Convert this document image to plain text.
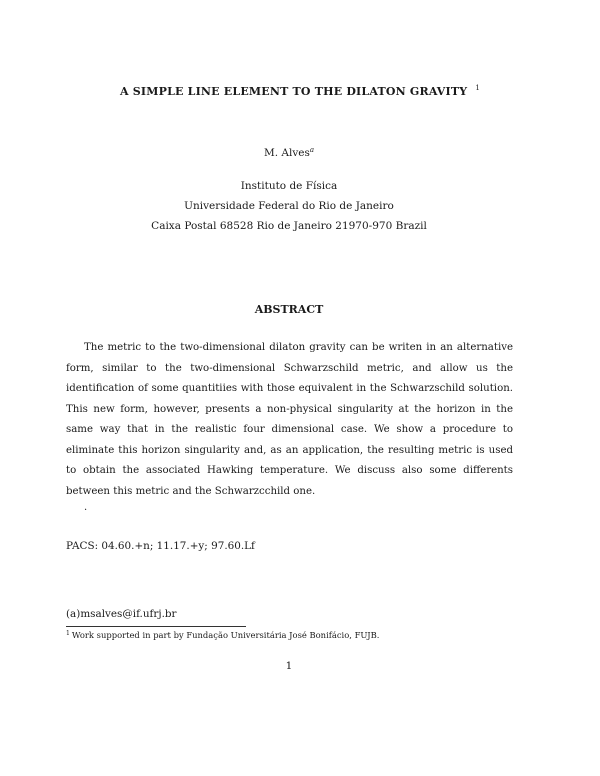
A SIMPLE LINE ELEMENT TO THE DILATON GRAVITY $^1$
M. Alves$^a$
Instituto de Física
Universidade Federal do Rio de Janeiro
Caixa Postal 68528 Rio de Janeiro 21970-970 Brazil
ABSTRACT
The metric to the two-dimensional dilaton gravity can be writen in an alternative form, similar to the two-dimensional Schwarzschild metric, and allow us the identification of some quantitiies with those equivalent in the Schwarzschild solution. This new form, however, presents a non-physical singularity at the horizon in the same way that in the realistic four dimensional case. We show a procedure to eliminate this horizon singularity and, as an application, the resulting metric is used to obtain the associated Hawking temperature. We discuss also some differents between this metric and the Schwarzcchild one.
.
PACS: 04.60.+n; 11.17.+y; 97.60.Lf
(a)msalves@if.ufrj.br
$^1$ Work supported in part by Fundação Universitária José Bonifácio, FUJB.
1
